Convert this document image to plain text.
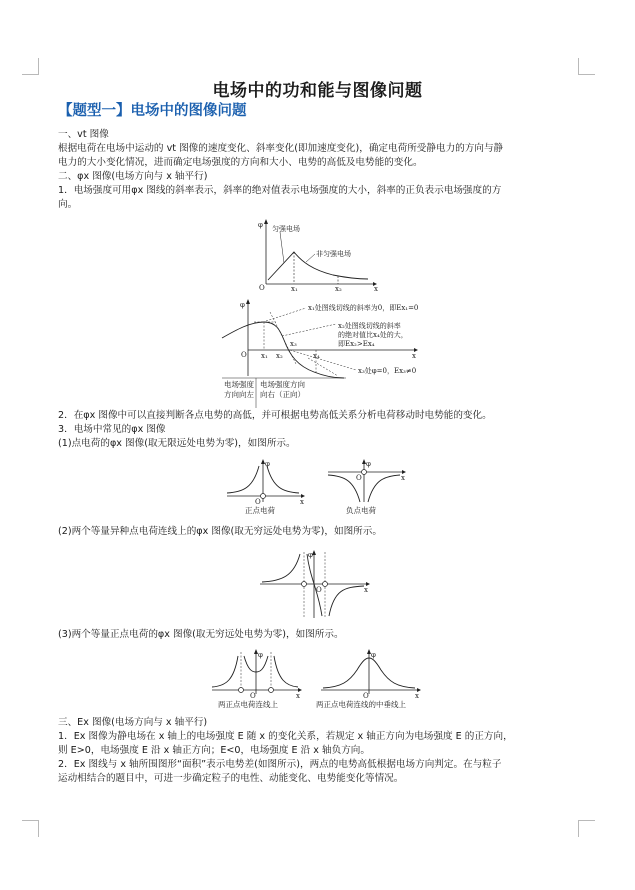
电场中的功和能与图像问题
【题型一】电场中的图像问题
一、vt 图像
根据电荷在电场中运动的 vt 图像的速度变化、斜率变化(即加速度变化)，确定电荷所受静电力的方向与静
电力的大小变化情况，进而确定电场强度的方向和大小、电势的高低及电势能的变化。
二、φx 图像(电场方向与 x 轴平行)
1．电场强度可用φx 图线的斜率表示，斜率的绝对值表示电场强度的大小，斜率的正负表示电场强度的方
向。
φ
x
O	x₁	x₂
匀强电场
非匀强电场
φ
x
O x₁ x₂
x₃
x₄
x₁处图线切线的斜率为0，即Ex₁=0
x₂处图线切线的斜率
的绝对值比x₄处的大，
即Ex₂>Ex₄
x₃处φ=0，Ex₃≠0
电场强度
方向向左
电场强度方向
向右（正向）
2．在φx 图像中可以直接判断各点电势的高低，并可根据电势高低关系分析电荷移动时电势能的变化。
3．电场中常见的φx 图像
(1)点电荷的φx 图像(取无限远处电势为零)，如图所示。
φ
x
O
正点电荷
φ
x
O
负点电荷
(2)两个等量异种点电荷连线上的φx 图像(取无穷远处电势为零)，如图所示。
φ
x
O
(3)两个等量正点电荷的φx 图像(取无穷远处电势为零)，如图所示。
φ
x
O
两正点电荷连线上
φ
x
O
两正点电荷连线的中垂线上
三、Ex 图像(电场方向与 x 轴平行)
1．Ex 图像为静电场在 x 轴上的电场强度 E 随 x 的变化关系，若规定 x 轴正方向为电场强度 E 的正方向，
则 E>0，电场强度 E 沿 x 轴正方向；E<0，电场强度 E 沿 x 轴负方向。
2．Ex 图线与 x 轴所围图形“面积”表示电势差(如图所示)，两点的电势高低根据电场方向判定。在与粒子
运动相结合的题目中，可进一步确定粒子的电性、动能变化、电势能变化等情况。
